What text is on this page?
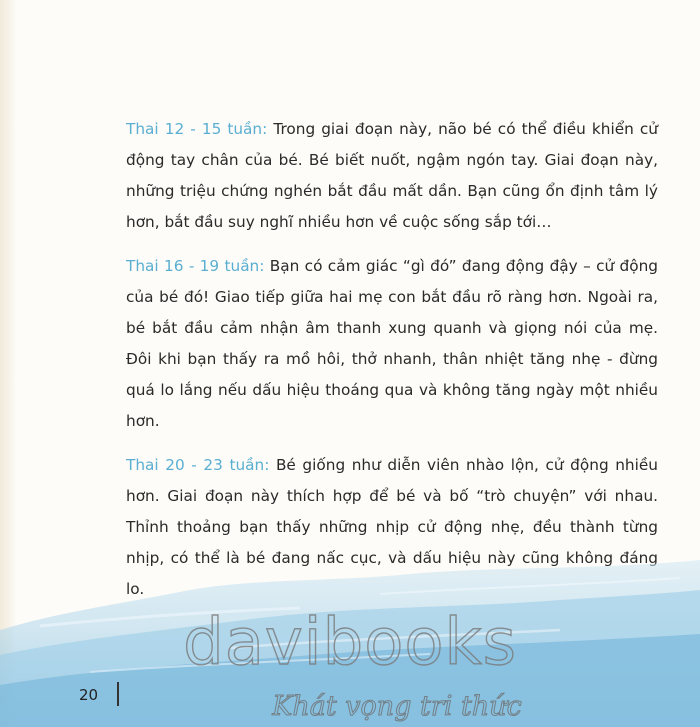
Thai 12 - 15 tuần: Trong giai đoạn này, não bé có thể điều khiển cử động tay chân của bé. Bé biết nuốt, ngậm ngón tay. Giai đoạn này, những triệu chứng nghén bắt đầu mất dần. Bạn cũng ổn định tâm lý hơn, bắt đầu suy nghĩ nhiều hơn về cuộc sống sắp tới…

Thai 16 - 19 tuần: Bạn có cảm giác “gì đó” đang động đậy – cử động của bé đó! Giao tiếp giữa hai mẹ con bắt đầu rõ ràng hơn. Ngoài ra, bé bắt đầu cảm nhận âm thanh xung quanh và giọng nói của mẹ. Đôi khi bạn thấy ra mồ hôi, thở nhanh, thân nhiệt tăng nhẹ - đừng quá lo lắng nếu dấu hiệu thoáng qua và không tăng ngày một nhiều hơn.

Thai 20 - 23 tuần: Bé giống như diễn viên nhào lộn, cử động nhiều hơn. Giai đoạn này thích hợp để bé và bố “trò chuyện” với nhau. Thỉnh thoảng bạn thấy những nhịp cử động nhẹ, đều thành từng nhịp, có thể là bé đang nấc cục, và dấu hiệu này cũng không đáng lo.

davibooks
Khát vọng tri thức
20
